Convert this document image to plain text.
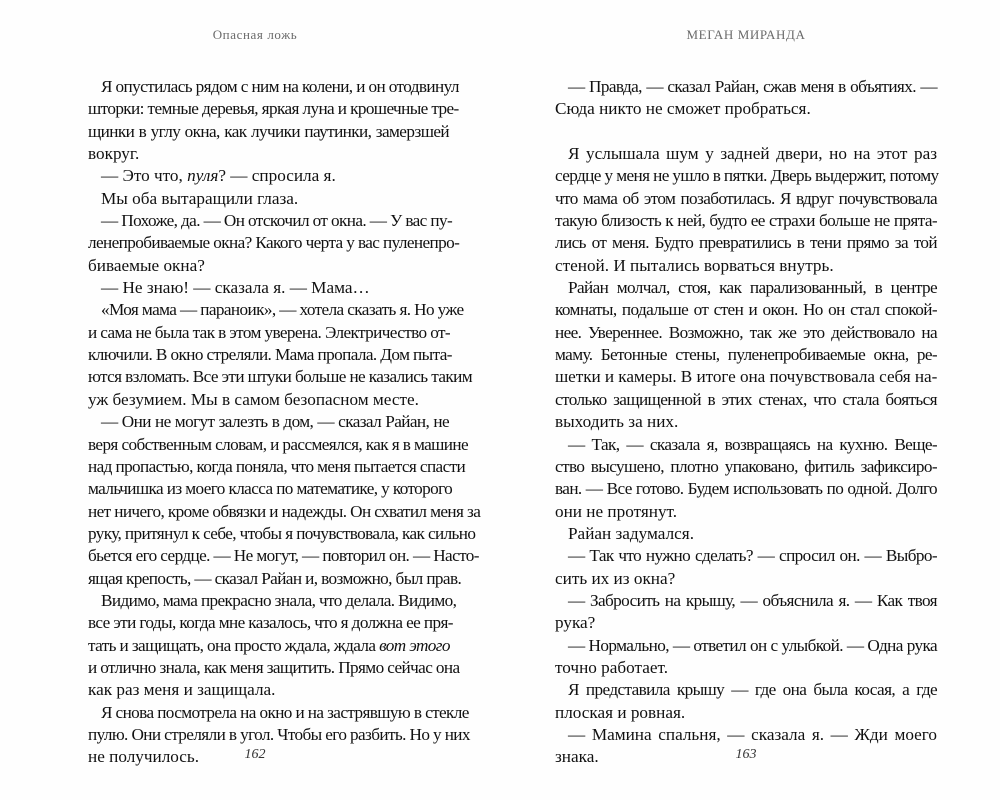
Опасная ложь
Я опустилась рядом с ним на колени, и он отодвинул
шторки: темные деревья, яркая луна и крошечные тре-
щинки в углу окна, как лучики паутинки, замерзшей
вокруг.
— Это что, пуля? — спросила я.
Мы оба вытаращили глаза.
— Похоже, да. — Он отскочил от окна. — У вас пу-
ленепробиваемые окна? Какого черта у вас пуленепро-
биваемые окна?
— Не знаю! — сказала я. — Мама…
«Моя мама — параноик», — хотела сказать я. Но уже
и сама не была так в этом уверена. Электричество от-
ключили. В окно стреляли. Мама пропала. Дом пыта-
ются взломать. Все эти штуки больше не казались таким
уж безумием. Мы в самом безопасном месте.
— Они не могут залезть в дом, — сказал Райан, не
веря собственным словам, и рассмеялся, как я в машине
над пропастью, когда поняла, что меня пытается спасти
мальчишка из моего класса по математике, у которого
нет ничего, кроме обвязки и надежды. Он схватил меня за
руку, притянул к себе, чтобы я почувствовала, как сильно
бьется его сердце. — Не могут, — повторил он. — Насто-
ящая крепость, — сказал Райан и, возможно, был прав.
Видимо, мама прекрасно знала, что делала. Видимо,
все эти годы, когда мне казалось, что я должна ее пря-
тать и защищать, она просто ждала, ждала вот этого
и отлично знала, как меня защитить. Прямо сейчас она
как раз меня и защищала.
Я снова посмотрела на окно и на застрявшую в стекле
пулю. Они стреляли в угол. Чтобы его разбить. Но у них
не получилось.	162
МЕГАН МИРАНДА
— Правда, — сказал Райан, сжав меня в объятиях. —
Сюда никто не сможет пробраться.
Я услышала шум у задней двери, но на этот раз
сердце у меня не ушло в пятки. Дверь выдержит, потому
что мама об этом позаботилась. Я вдруг почувствовала
такую близость к ней, будто ее страхи больше не прята-
лись от меня. Будто превратились в тени прямо за той
стеной. И пытались ворваться внутрь.
Райан молчал, стоя, как парализованный, в центре
комнаты, подальше от стен и окон. Но он стал спокой-
нее. Увереннее. Возможно, так же это действовало на
маму. Бетонные стены, пуленепробиваемые окна, ре-
шетки и камеры. В итоге она почувствовала себя на-
столько защищенной в этих стенах, что стала бояться
выходить за них.
— Так, — сказала я, возвращаясь на кухню. Веще-
ство высушено, плотно упаковано, фитиль зафиксиро-
ван. — Все готово. Будем использовать по одной. Долго
они не протянут.
Райан задумался.
— Так что нужно сделать? — спросил он. — Выбро-
сить их из окна?
— Забросить на крышу, — объяснила я. — Как твоя
рука?
— Нормально, — ответил он с улыбкой. — Одна рука
точно работает.
Я представила крышу — где она была косая, а где
плоская и ровная.
— Мамина спальня, — сказала я. — Жди моего
знака.	163
